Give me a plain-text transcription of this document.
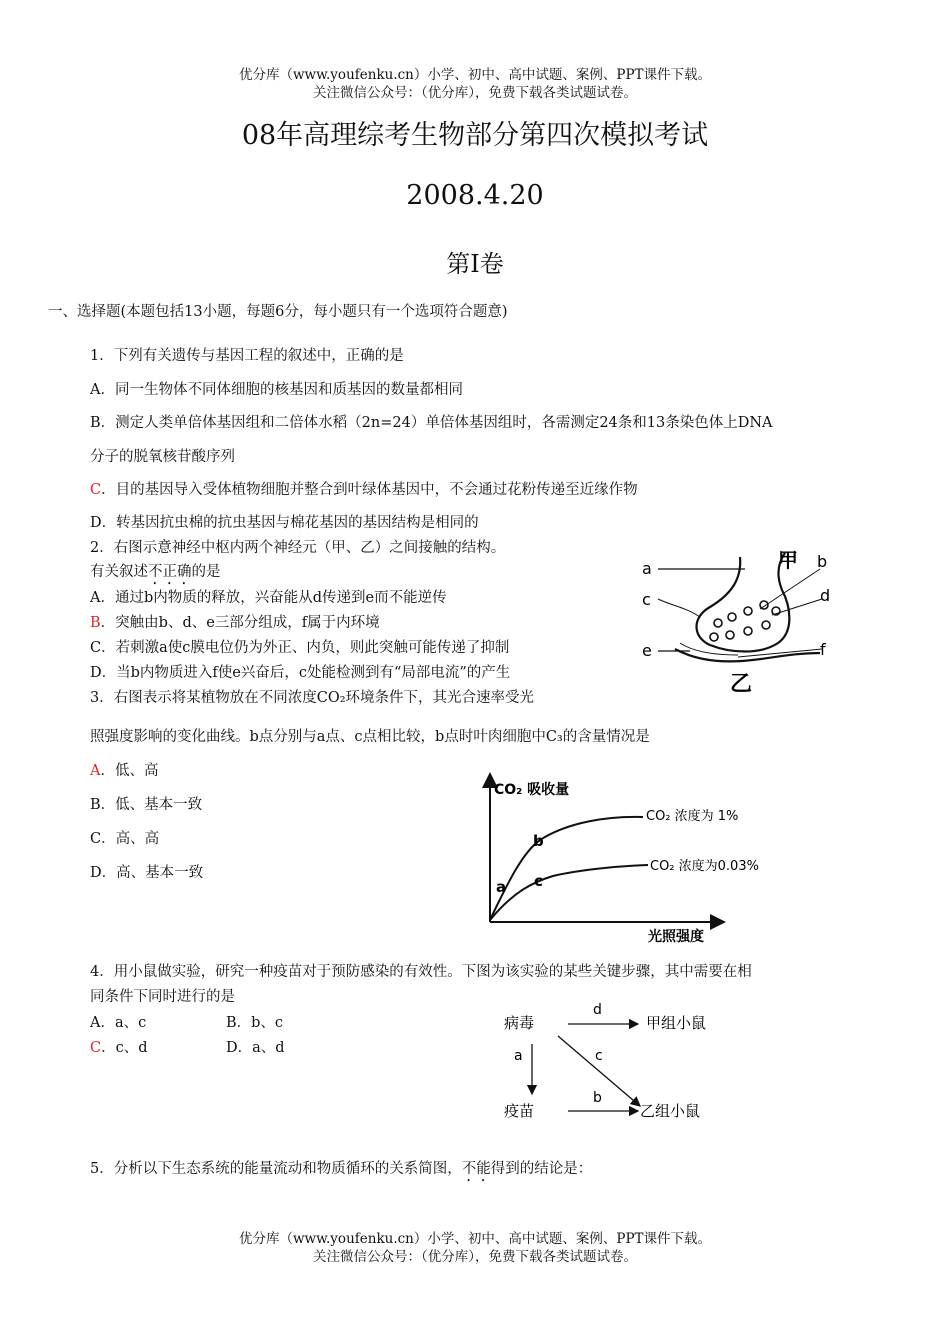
优分库（www.youfenku.cn）小学、初中、高中试题、案例、PPT课件下载。
关注微信公众号：（优分库），免费下载各类试题试卷。
08年高理综考生物部分第四次模拟考试
2008.4.20
第Ⅰ卷
一、选择题(本题包括13小题，每题6分，每小题只有一个选项符合题意)
1．下列有关遗传与基因工程的叙述中，正确的是
A．同一生物体不同体细胞的核基因和质基因的数量都相同
B．测定人类单倍体基因组和二倍体水稻（2n=24）单倍体基因组时，各需测定24条和13条染色体上DNA
分子的脱氧核苷酸序列
C．目的基因导入受体植物细胞并整合到叶绿体基因中，不会通过花粉传递至近缘作物
D．转基因抗虫棉的抗虫基因与棉花基因的基因结构是相同的
2．右图示意神经中枢内两个神经元（甲、乙）之间接触的结构。
有关叙述不正确的是
A．通过b内物质的释放，兴奋能从d传递到e而不能逆传
B．突触由b、d、e三部分组成，f属于内环境
C．若刺激a使c膜电位仍为外正、内负，则此突触可能传递了抑制
D．当b内物质进入f使e兴奋后，c处能检测到有“局部电流”的产生
a	甲 b
c	d
e	f
乙
3．右图表示将某植物放在不同浓度CO₂环境条件下，其光合速率受光
照强度影响的变化曲线。b点分别与a点、c点相比较，b点时叶肉细胞中C₃的含量情况是
A．低、高
B．低、基本一致
C．高、高
D．高、基本一致
CO₂ 吸收量
光照强度
CO₂ 浓度为 1%
CO₂ 浓度为0.03%
a
b
c
4．用小鼠做实验，研究一种疫苗对于预防感染的有效性。下图为该实验的某些关键步骤，其中需要在相
同条件下同时进行的是
A．a、c	B．b、c
C．c、d	D．a、d
病毒	甲组小鼠
疫苗	乙组小鼠
d
a	c
b
5．分析以下生态系统的能量流动和物质循环的关系简图，不能得到的结论是：
优分库（www.youfenku.cn）小学、初中、高中试题、案例、PPT课件下载。
关注微信公众号：（优分库），免费下载各类试题试卷。
